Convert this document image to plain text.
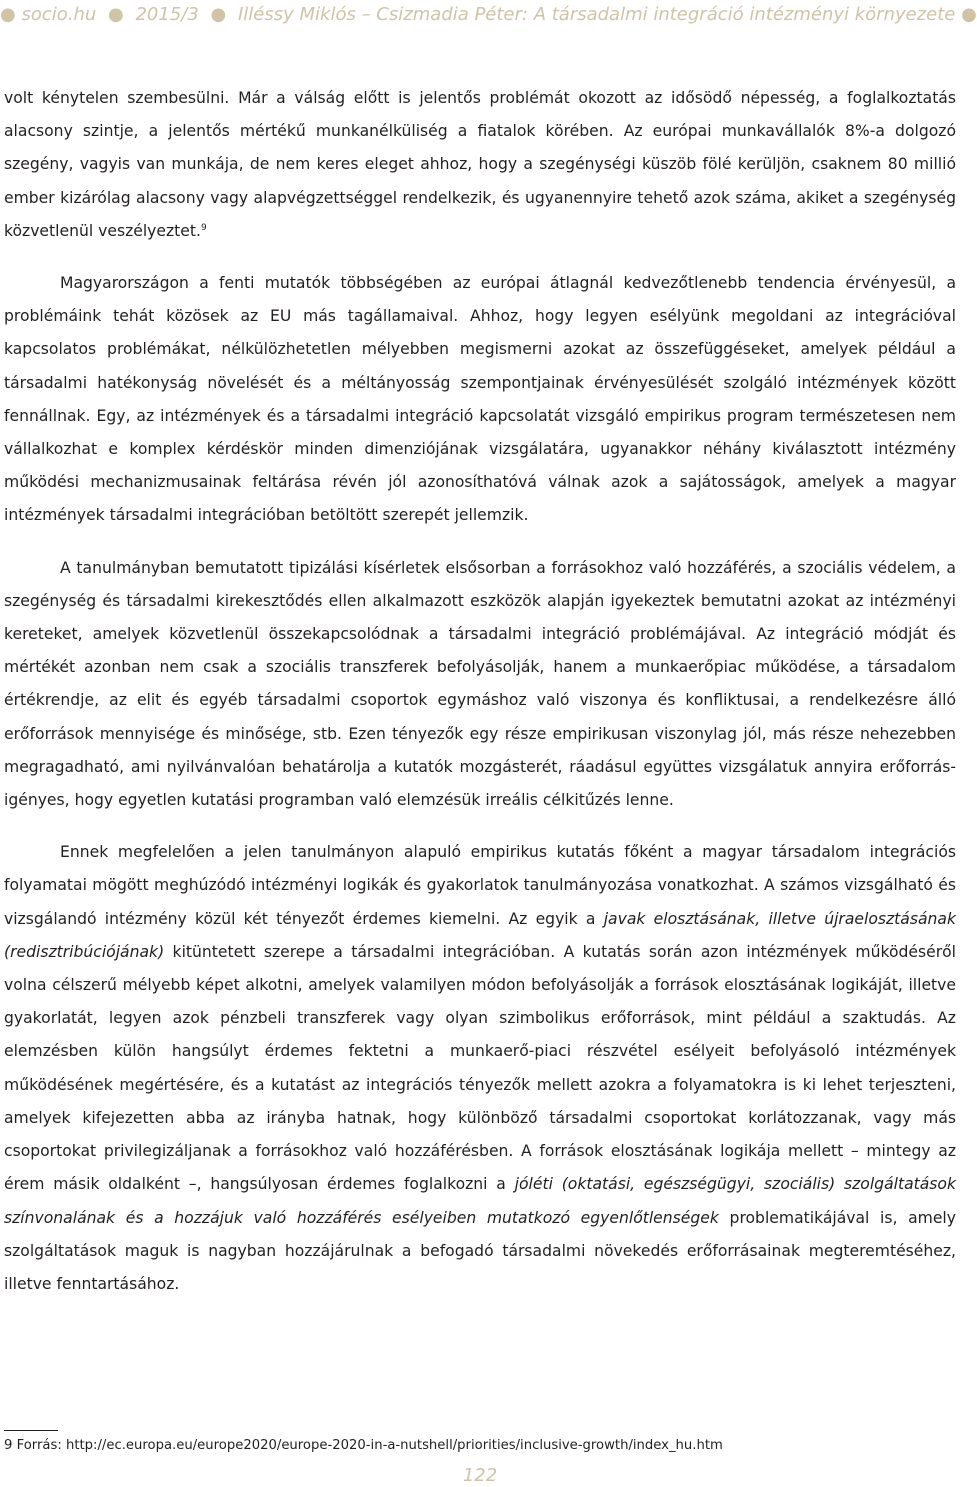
● socio.hu ● 2015/3 ● Illéssy Miklós – Csizmadia Péter: A társadalmi integráció intézményi környezete ●

volt kénytelen szembesülni. Már a válság előtt is jelentős problémát okozott az idősödő népesség, a foglalkoztatás alacsony szintje, a jelentős mértékű munkanélküliség a fiatalok körében. Az európai munkavállalók 8%-a dolgozó szegény, vagyis van munkája, de nem keres eleget ahhoz, hogy a szegénységi küszöb fölé kerüljön, csaknem 80 millió ember kizárólag alacsony vagy alapvégzettséggel rendelkezik, és ugyanennyire tehető azok száma, akiket a szegénység közvetlenül veszélyeztet.$^9$

Magyarországon a fenti mutatók többségében az európai átlagnál kedvezőtlenebb tendencia érvényesül, a problémáink tehát közösek az EU más tagállamaival. Ahhoz, hogy legyen esélyünk megoldani az integrációval kapcsolatos problémákat, nélkülözhetetlen mélyebben megismerni azokat az összefüggéseket, amelyek például a társadalmi hatékonyság növelését és a méltányosság szempontjainak érvényesülését szolgáló intézmények között fennállnak. Egy, az intézmények és a társadalmi integráció kapcsolatát vizsgáló empirikus program természetesen nem vállalkozhat e komplex kérdéskör minden dimenziójának vizsgálatára, ugyanakkor néhány kiválasztott intézmény működési mechanizmusainak feltárása révén jól azonosíthatóvá válnak azok a sajátosságok, amelyek a magyar intézmények társadalmi integrációban betöltött szerepét jellemzik.

A tanulmányban bemutatott tipizálási kísérletek elsősorban a forrásokhoz való hozzáférés, a szociális védelem, a szegénység és társadalmi kirekesztődés ellen alkalmazott eszközök alapján igyekeztek bemutatni azokat az intézményi kereteket, amelyek közvetlenül összekapcsolódnak a társadalmi integráció problémájával. Az integráció módját és mértékét azonban nem csak a szociális transzferek befolyásolják, hanem a munkaerőpiac működése, a társadalom értékrendje, az elit és egyéb társadalmi csoportok egymáshoz való viszonya és konfliktusai, a rendelkezésre álló erőforrások mennyisége és minősége, stb. Ezen tényezők egy része empirikusan viszonylag jól, más része nehezebben megragadható, ami nyilvánvalóan behatárolja a kutatók mozgásterét, ráadásul együttes vizsgálatuk annyira erőforrás-igényes, hogy egyetlen kutatási programban való elemzésük irreális célkitűzés lenne.

Ennek megfelelően a jelen tanulmányon alapuló empirikus kutatás főként a magyar társadalom integrációs folyamatai mögött meghúzódó intézményi logikák és gyakorlatok tanulmányozása vonatkozhat. A számos vizsgálható és vizsgálandó intézmény közül két tényezőt érdemes kiemelni. Az egyik a javak elosztásának, illetve újraelosztásának (redisztribúciójának) kitüntetett szerepe a társadalmi integrációban. A kutatás során azon intézmények működéséről volna célszerű mélyebb képet alkotni, amelyek valamilyen módon befolyásolják a források elosztásának logikáját, illetve gyakorlatát, legyen azok pénzbeli transzferek vagy olyan szimbolikus erőforrások, mint például a szaktudás. Az elemzésben külön hangsúlyt érdemes fektetni a munkaerő-piaci részvétel esélyeit befolyásoló intézmények működésének megértésére, és a kutatást az integrációs tényezők mellett azokra a folyamatokra is ki lehet terjeszteni, amelyek kifejezetten abba az irányba hatnak, hogy különböző társadalmi csoportokat korlátozzanak, vagy más csoportokat privilegizáljanak a forrásokhoz való hozzáférésben. A források elosztásának logikája mellett – mintegy az érem másik oldalként –, hangsúlyosan érdemes foglalkozni a jóléti (oktatási, egészségügyi, szociális) szolgáltatások színvonalának és a hozzájuk való hozzáférés esélyeiben mutatkozó egyenlőtlenségek problematikájával is, amely szolgáltatások maguk is nagyban hozzájárulnak a befogadó társadalmi növekedés erőforrásainak megteremtéséhez, illetve fenntartásához.

9 Forrás: http://ec.europa.eu/europe2020/europe-2020-in-a-nutshell/priorities/inclusive-growth/index_hu.htm
122
